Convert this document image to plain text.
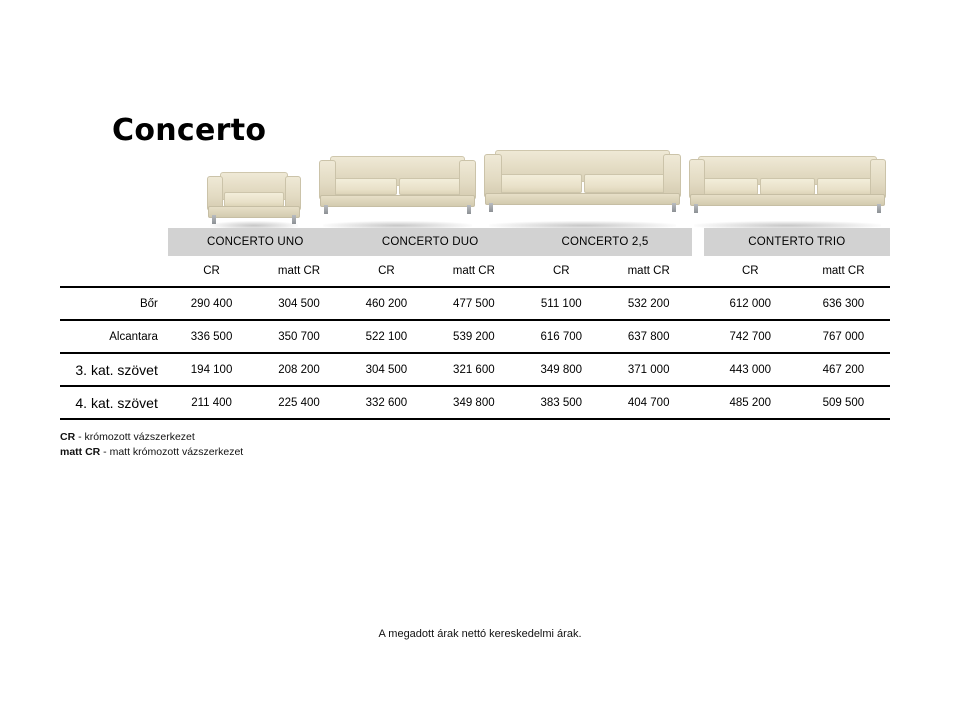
Concerto
	CONCERTO UNO		CONCERTO DUO		CONCERTO 2,5			CONTERTO TRIO	
	CR	matt CR	CR	matt CR	CR	matt CR		CR	matt CR
Bőr	290 400	304 500	460 200	477 500	511 100	532 200		612 000	636 300
Alcantara	336 500	350 700	522 100	539 200	616 700	637 800		742 700	767 000
3. kat. szövet	194 100	208 200	304 500	321 600	349 800	371 000		443 000	467 200
4. kat. szövet	211 400	225 400	332 600	349 800	383 500	404 700		485 200	509 500
CR - krómozott vázszerkezet
matt CR - matt krómozott vázszerkezet
A megadott árak nettó kereskedelmi árak.
